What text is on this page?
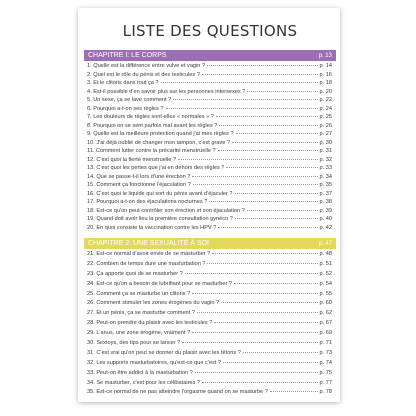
LISTE DES QUESTIONS
CHAPITRE I: LE CORPS	p. 13
1. Quelle est la différence entre vulve et vagin ?	p. 14
2. Quel est le rôle du pénis et des testicules ?	p. 16
3. Et le clitoris dans tout ça ?	p. 18
4. Est-il possible d'en savoir plus sur les personnes intersexes ?	p. 20
5. Un sexe, ça se lave comment ?	p. 22
6. Pourquoi a-t-on ses règles ?	p. 24
7. Les douleurs de règles sont-elles « normales » ?	p. 25
8. Pourquoi on se sent parfois mal avant les règles ?	p. 26
9. Quelle est la meilleure protection quand j'ai mes règles ?	p. 27
10. J'ai déjà oublié de changer mon tampon, c'est grave ?	p. 30
11. Comment lutter contre la précarité menstruelle ?	p. 31
12. C'est quoi la fierté menstruelle ?	p. 32
13. C'est quoi les pertes que j'ai en dehors des règles ?	p. 33
14. Que se passe-t-il lors d'une érection ?	p. 34
15. Comment ça fonctionne l'éjaculation ?	p. 35
16. C'est quoi le liquide qui sort du pénis avant d'éjaculer ?	p. 37
17. Pourquoi a-t-on des éjaculations nocturnes ?	p. 38
18. Est-ce qu'on peut contrôler son érection et son éjaculation ?	p. 39
19. Quand doit avoir lieu la première consultation gynéco ?	p. 40
20. En quoi consiste la vaccination contre les HPV ?	p. 42
CHAPITRE 2: UNE SEXUALITÉ À SOI	p. 47
21. Est-ce normal d'avoir envie de se masturber ?	p. 48
22. Combien de temps dure une masturbation ?	p. 51
23. Ça apporte quoi de se masturber ?	p. 52
24. Est-ce qu'on a besoin de lubrifiant pour se masturber ?	p. 54
25. Comment ça se masturbe un clitoris ?	p. 55
26. Comment stimuler les zones érogènes du vagin ?	p. 60
27. Et un pénis, ça se masturbe comment ?	p. 62
28. Peut-on prendre du plaisir avec les testicules ?	p. 67
29. L'anus, une zone érogène, vraiment ?	p. 69
30. Sextoys, des tips pour se lancer ?	p. 71
31. C'est vrai qu'on peut se donner du plaisir avec les tétons ?	p. 73
32. Les supports masturbatoires, qu'est-ce que c'est ?	p. 74
33. Peut-on être addict à la masturbation ?	p. 75
34. Se masturber, c'est pour les célibataires ?	p. 77
35. Est-ce normal de ne pas atteindre l'orgasme quand on se masturbe ?	p. 78
